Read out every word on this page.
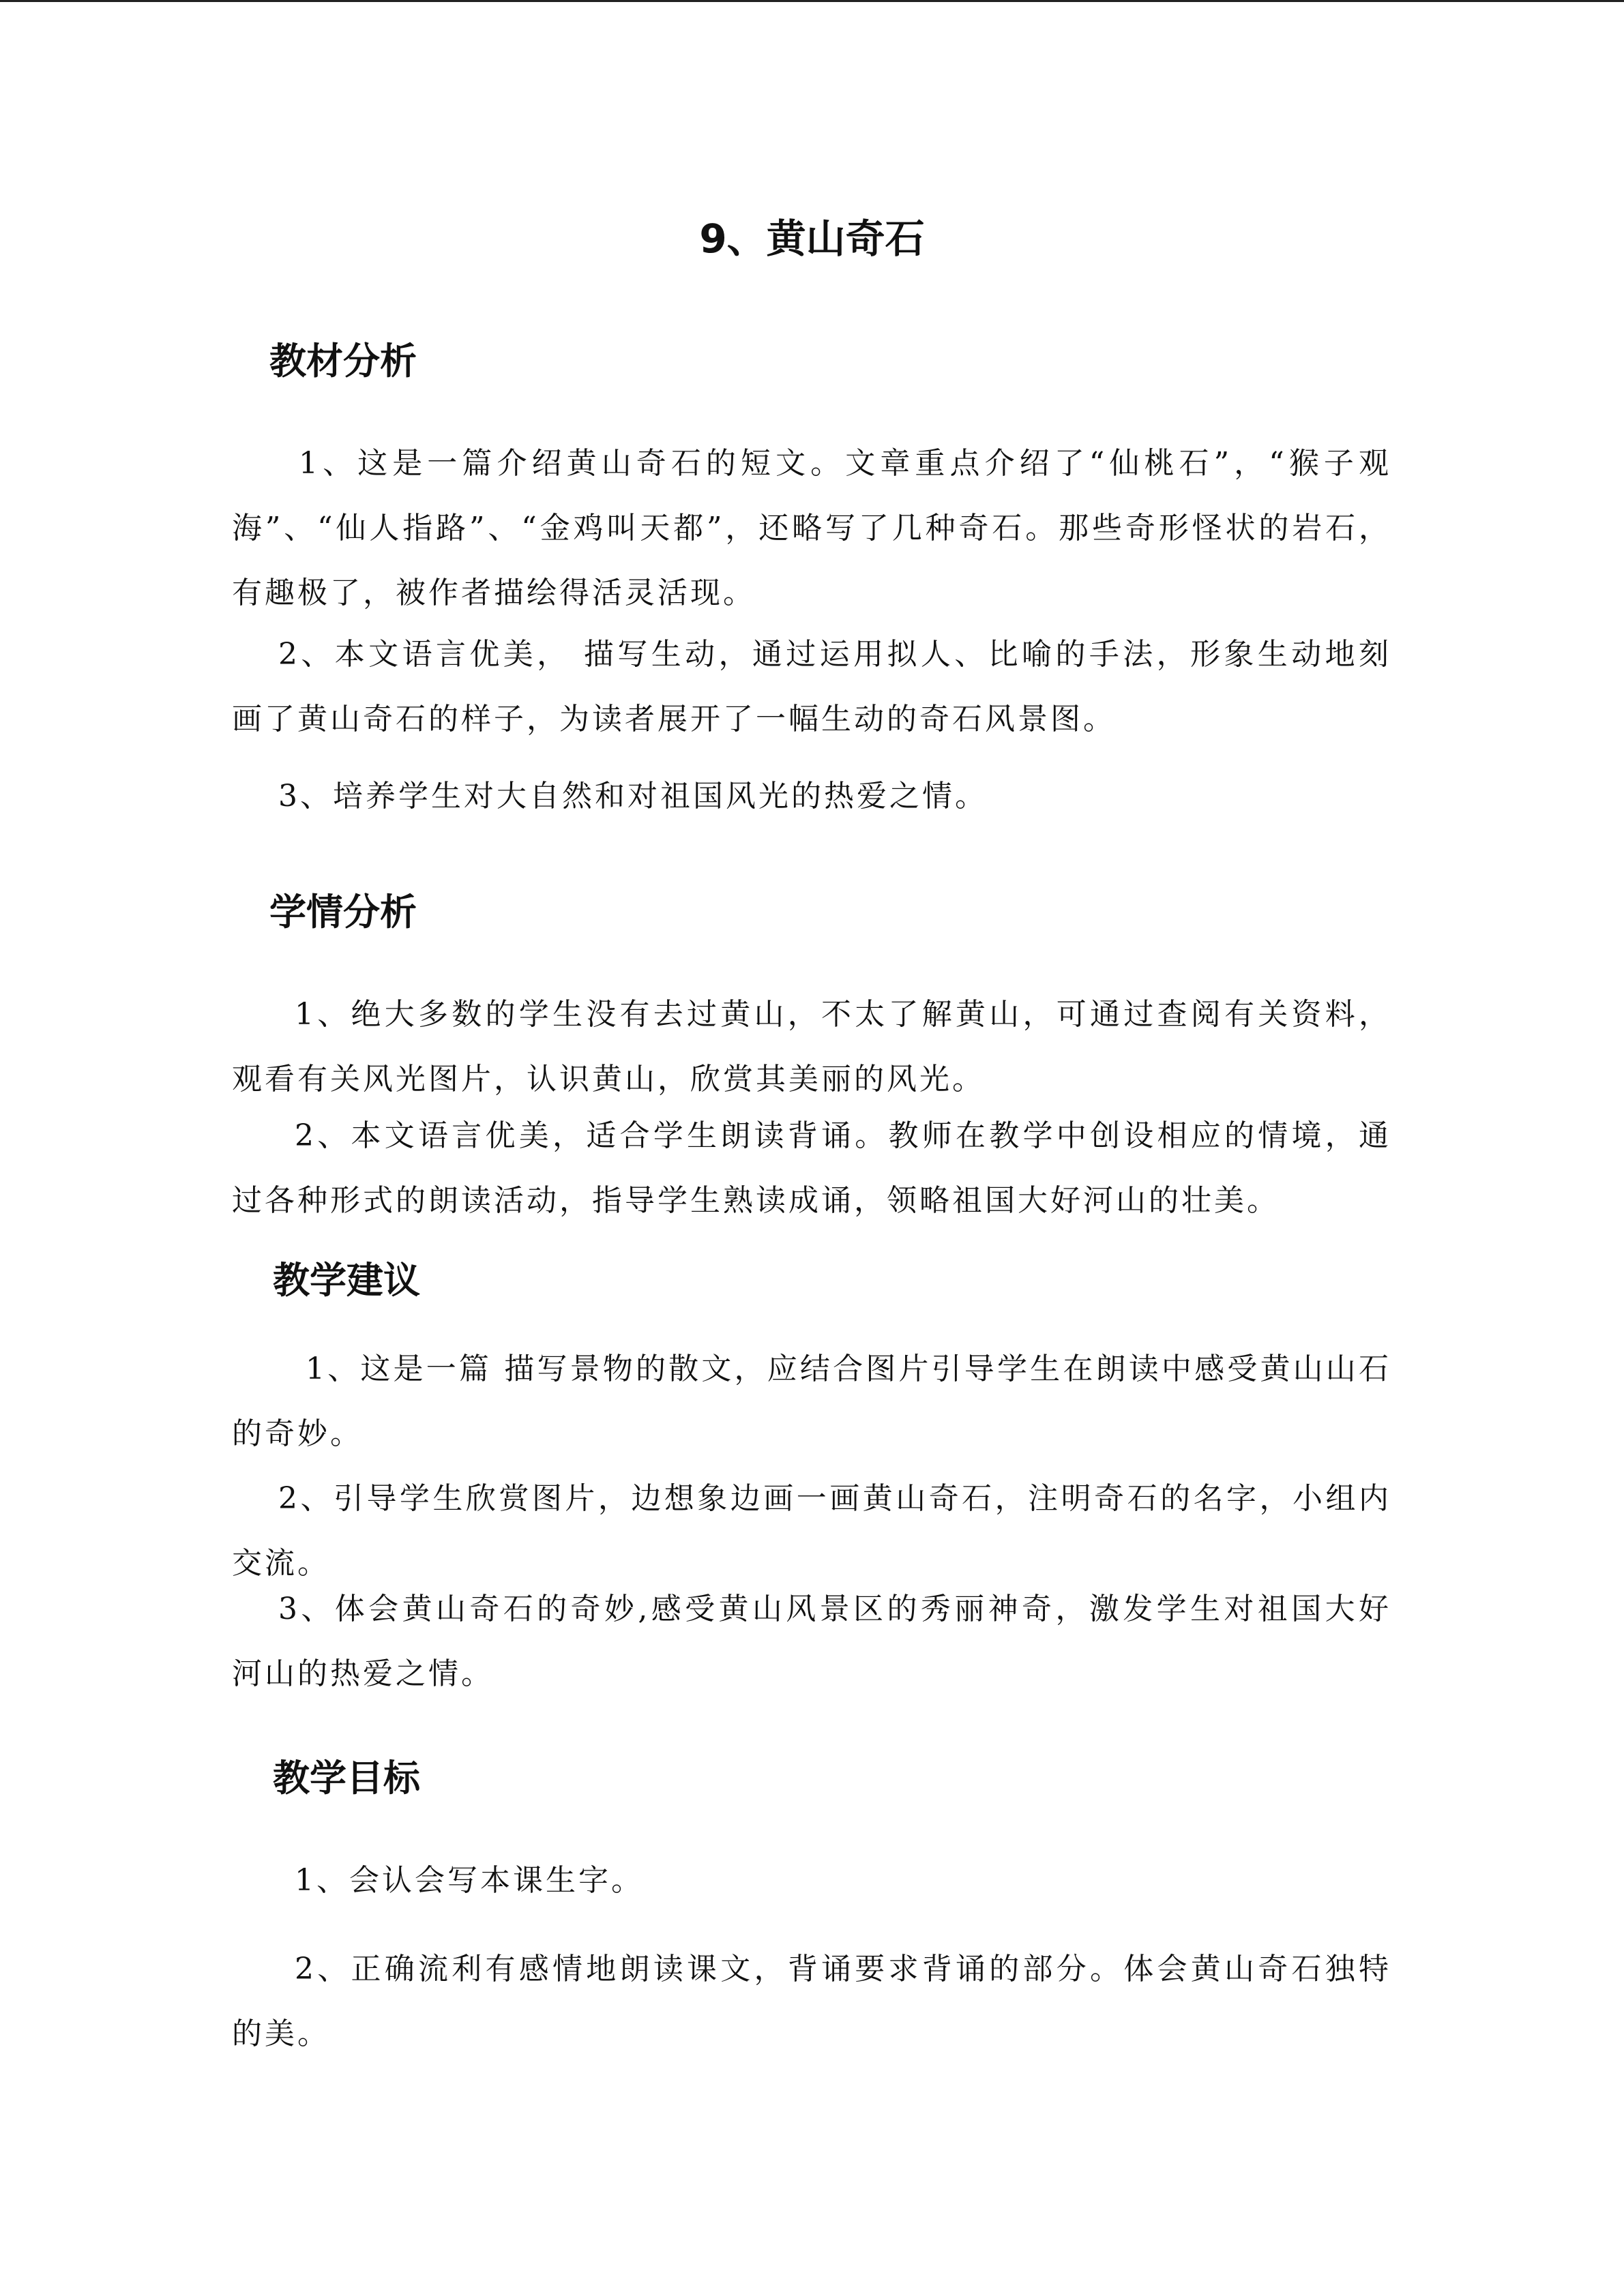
9、黄山奇石
教材分析

1、这是一篇介绍黄山奇石的短文。文章重点介绍了“仙桃石”，“猴子观海”、“仙人指路”、“金鸡叫天都”，还略写了几种奇石。那些奇形怪状的岩石，有趣极了，被作者描绘得活灵活现。

2、本文语言优美， 描写生动，通过运用拟人、比喻的手法，形象生动地刻画了黄山奇石的样子，为读者展开了一幅生动的奇石风景图。

3、培养学生对大自然和对祖国风光的热爱之情。

学情分析

1、绝大多数的学生没有去过黄山，不太了解黄山，可通过查阅有关资料，观看有关风光图片，认识黄山，欣赏其美丽的风光。

2、本文语言优美，适合学生朗读背诵。教师在教学中创设相应的情境，通过各种形式的朗读活动，指导学生熟读成诵，领略祖国大好河山的壮美。

教学建议

1、这是一篇 描写景物的散文，应结合图片引导学生在朗读中感受黄山山石的奇妙。

2、引导学生欣赏图片，边想象边画一画黄山奇石，注明奇石的名字，小组内交流。

3、体会黄山奇石的奇妙,感受黄山风景区的秀丽神奇，激发学生对祖国大好河山的热爱之情。

教学目标

1、会认会写本课生字。

2、正确流利有感情地朗读课文，背诵要求背诵的部分。体会黄山奇石独特的美。
